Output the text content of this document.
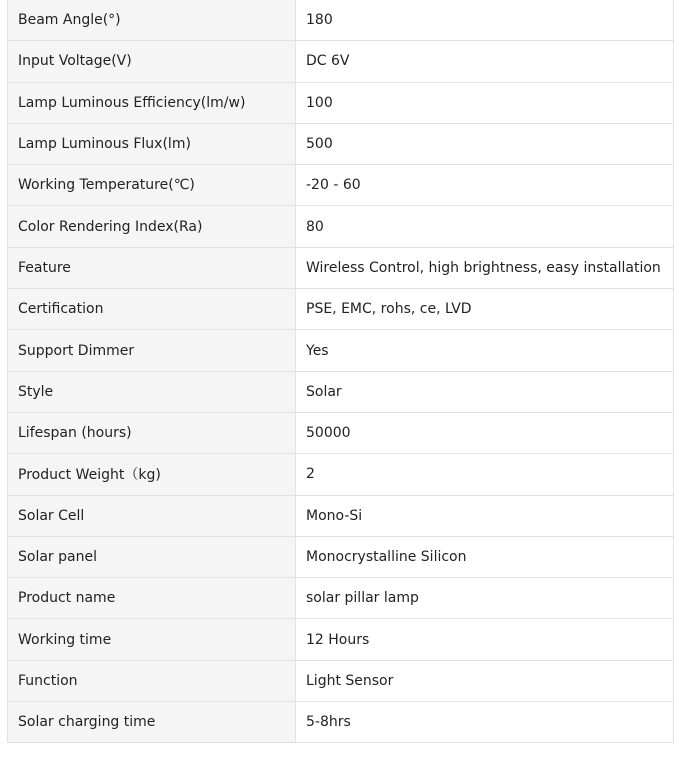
Beam Angle(°)	180
Input Voltage(V)	DC 6V
Lamp Luminous Efficiency(lm/w)	100
Lamp Luminous Flux(lm)	500
Working Temperature(℃)	-20 - 60
Color Rendering Index(Ra)	80
Feature	Wireless Control, high brightness, easy installation
Certification	PSE, EMC, rohs, ce, LVD
Support Dimmer	Yes
Style	Solar
Lifespan (hours)	50000
Product Weight（kg)	2
Solar Cell	Mono-Si
Solar panel	Monocrystalline Silicon
Product name	solar pillar lamp
Working time	12 Hours
Function	Light Sensor
Solar charging time	5-8hrs
